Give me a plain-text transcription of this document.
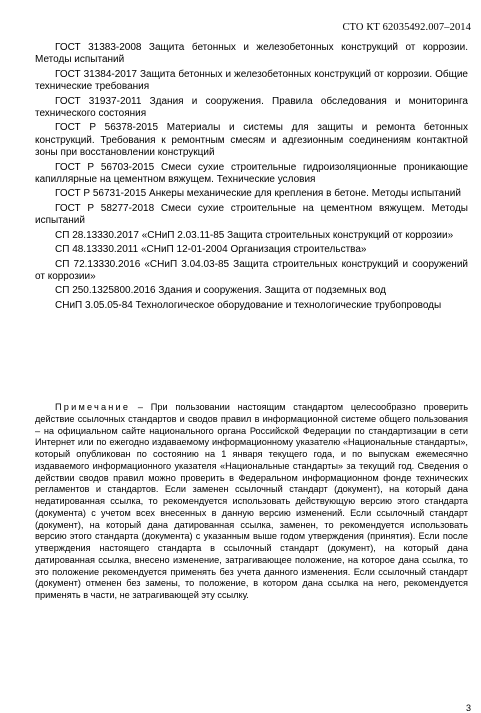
СТО КТ 62035492.007–2014

ГОСТ 31383-2008 Защита бетонных и железобетонных конструкций от коррозии. Методы испытаний

ГОСТ 31384-2017 Защита бетонных и железобетонных конструкций от коррозии. Общие технические требования

ГОСТ 31937-2011 Здания и сооружения. Правила обследования и мониторинга технического состояния

ГОСТ Р 56378-2015 Материалы и системы для защиты и ремонта бетонных конструкций. Требования к ремонтным смесям и адгезионным соединениям контактной зоны при восстановлении конструкций

ГОСТ Р 56703-2015 Смеси сухие строительные гидроизоляционные проникающие капиллярные на цементном вяжущем. Технические условия

ГОСТ Р 56731-2015 Анкеры механические для крепления в бетоне. Методы испытаний

ГОСТ Р 58277-2018 Смеси сухие строительные на цементном вяжущем. Методы испытаний

СП 28.13330.2017 «СНиП 2.03.11-85 Защита строительных конструкций от коррозии»

СП 48.13330.2011 «СНиП 12-01-2004 Организация строительства»

СП 72.13330.2016 «СНиП 3.04.03-85 Защита строительных конструкций и сооружений от коррозии»

СП 250.1325800.2016 Здания и сооружения. Защита от подземных вод

СНиП 3.05.05-84 Технологическое оборудование и технологические трубопроводы

Примечание – При пользовании настоящим стандартом целесообразно проверить действие ссылочных стандартов и сводов правил в информационной системе общего пользования – на официальном сайте национального органа Российской Федерации по стандартизации в сети Интернет или по ежегодно издаваемому информационному указателю «Национальные стандарты», который опубликован по состоянию на 1 января текущего года, и по выпускам ежемесячно издаваемого информационного указателя «Национальные стандарты» за текущий год. Сведения о действии сводов правил можно проверить в Федеральном информационном фонде технических регламентов и стандартов. Если заменен ссылочный стандарт (документ), на который дана недатированная ссылка, то рекомендуется использовать действующую версию этого стандарта (документа) с учетом всех внесенных в данную версию изменений. Если ссылочный стандарт (документ), на который дана датированная ссылка, заменен, то рекомендуется использовать версию этого стандарта (документа) с указанным выше годом утверждения (принятия). Если после утверждения настоящего стандарта в ссылочный стандарт (документ), на который дана датированная ссылка, внесено изменение, затрагивающее положение, на которое дана ссылка, то это положение рекомендуется применять без учета данного изменения. Если ссылочный стандарт (документ) отменен без замены, то положение, в котором дана ссылка на него, рекомендуется применять в части, не затрагивающей эту ссылку.
3
